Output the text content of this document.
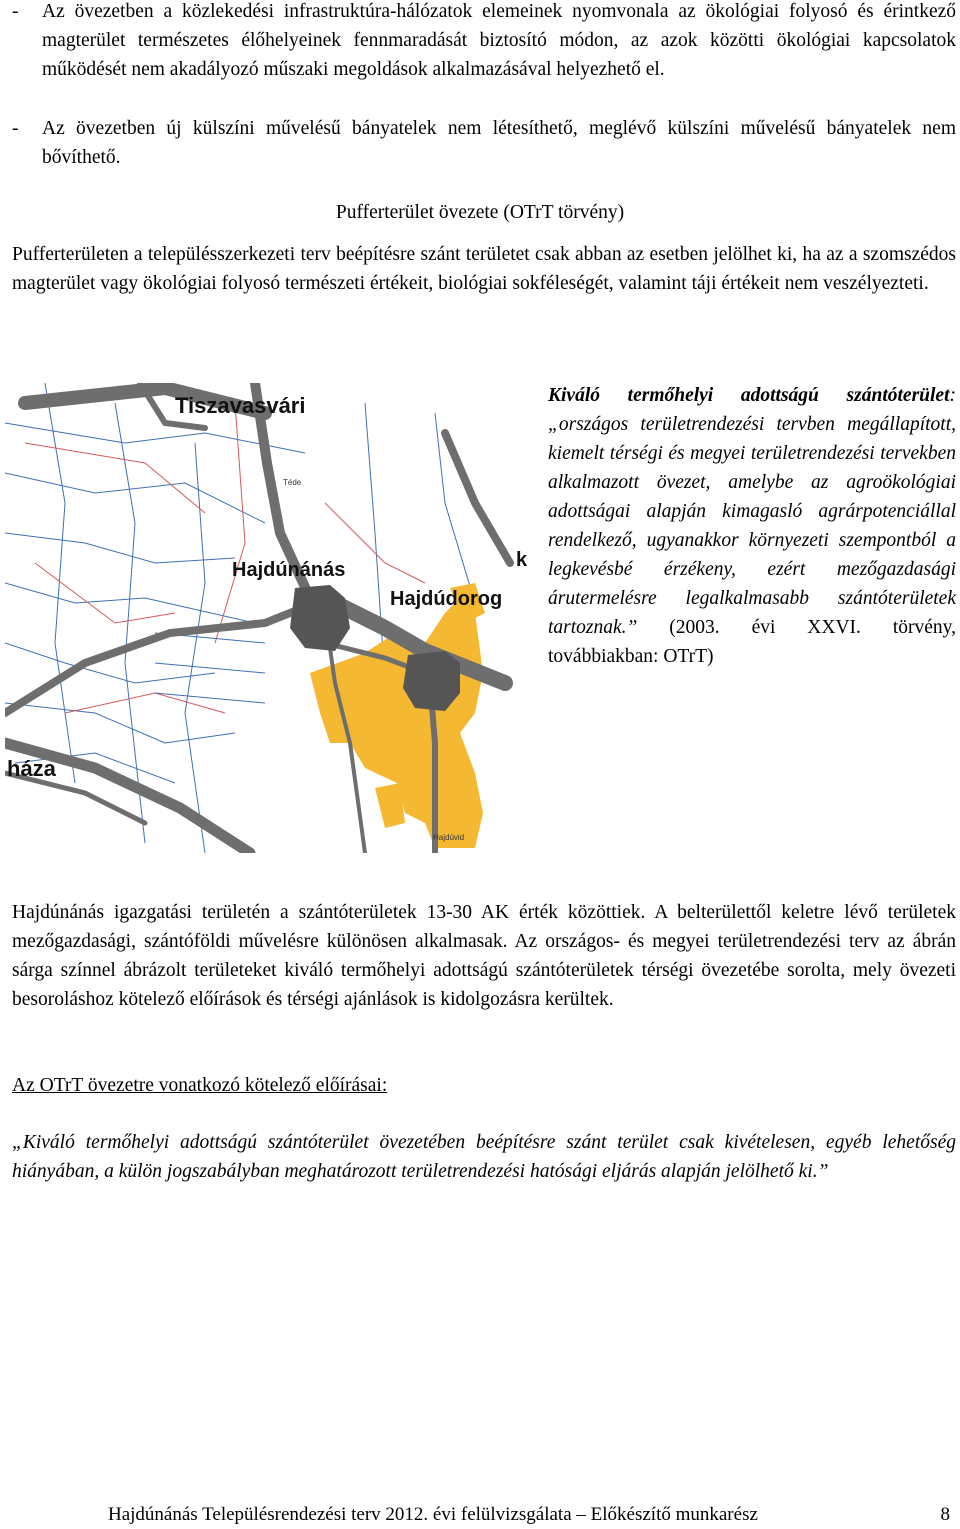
- Az övezetben a közlekedési infrastruktúra-hálózatok elemeinek nyomvonala az ökológiai folyosó és érintkező magterület természetes élőhelyeinek fennmaradását biztosító módon, az azok közötti ökológiai kapcsolatok működését nem akadályozó műszaki megoldások alkalmazásával helyezhető el.
- Az övezetben új külszíni művelésű bányatelek nem létesíthető, meglévő külszíni művelésű bányatelek nem bővíthető.
Pufferterület övezete (OTrT törvény)
Pufferterületen a településszerkezeti terv beépítésre szánt területet csak abban az esetben jelölhet ki, ha az a szomszédos magterület vagy ökológiai folyosó természeti értékeit, biológiai sokféleségét, valamint táji értékeit nem veszélyezteti.
Tiszavasvári
Hajdúnánás
Hajdúdorog
háza
k
Téde
Hajdúvid
Kiváló termőhelyi adottságú szántóterület: „országos területrendezési tervben megállapított, kiemelt térségi és megyei területrendezési tervekben alkalmazott övezet, amelybe az agroökológiai adottságai alapján kimagasló agrárpotenciállal rendelkező, ugyanakkor környezeti szempontból a legkevésbé érzékeny, ezért mezőgazdasági árutermelésre legalkalmasabb szántóterületek tartoznak.” (2003. évi XXVI. törvény, továbbiakban: OTrT)
Hajdúnánás igazgatási területén a szántóterületek 13-30 AK érték közöttiek. A belterülettől keletre lévő területek mezőgazdasági, szántóföldi művelésre különösen alkalmasak. Az országos- és megyei területrendezési terv az ábrán sárga színnel ábrázolt területeket kiváló termőhelyi adottságú szántóterületek térségi övezetébe sorolta, mely övezeti besoroláshoz kötelező előírások és térségi ajánlások is kidolgozásra kerültek.
Az OTrT övezetre vonatkozó kötelező előírásai:
„Kiváló termőhelyi adottságú szántóterület övezetében beépítésre szánt terület csak kivételesen, egyéb lehetőség hiányában, a külön jogszabályban meghatározott területrendezési hatósági eljárás alapján jelölhető ki.”
Hajdúnánás Településrendezési terv 2012. évi felülvizsgálata – Előkészítő munkarész	8
